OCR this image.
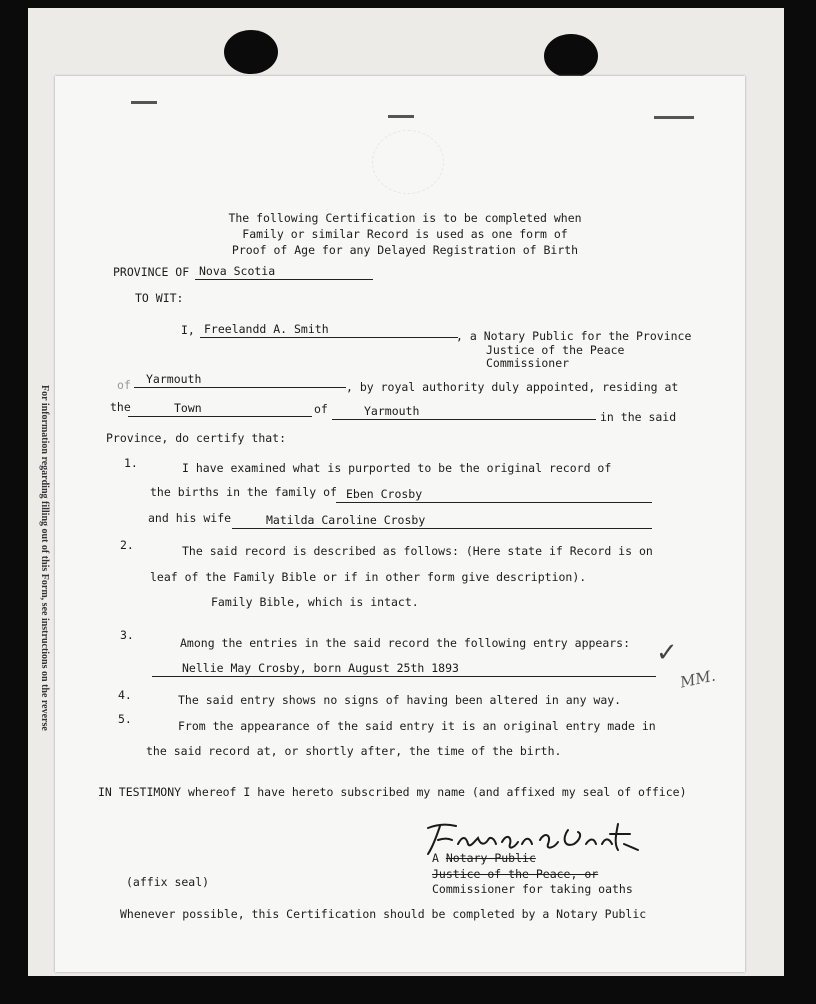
For information regarding filling out of this Form, see instructions on the reverse
The following Certification is to be completed when
Family or similar Record is used as one form of
Proof of Age for any Delayed Registration of Birth
PROVINCE OF Nova Scotia
TO WIT:
I, Freelandd A. Smith	, a Notary Public for the Province
Justice of the Peace
Commissioner
of Yarmouth
, by royal authority duly appointed, residing at
the	Town	of	Yarmouth	in the said
Province, do certify that:
1.	I have examined what is purported to be the original record of
the births in the family of Eben Crosby
and his wife	Matilda Caroline Crosby
2.	The said record is described as follows: (Here state if Record is on
leaf of the Family Bible or if in other form give description).
Family Bible, which is intact.
3.
Among the entries in the said record the following entry appears:
Nellie May Crosby, born August 25th 1893	✓
MM.
4.	The said entry shows no signs of having been altered in any way.
5.	From the appearance of the said entry it is an original entry made in
the said record at, or shortly after, the time of the birth.
IN TESTIMONY whereof I have hereto subscribed my name (and affixed my seal of office)
A Notary Public
Justice of the Peace, or
Commissioner for taking oaths
(affix seal)
Whenever possible, this Certification should be completed by a Notary Public
